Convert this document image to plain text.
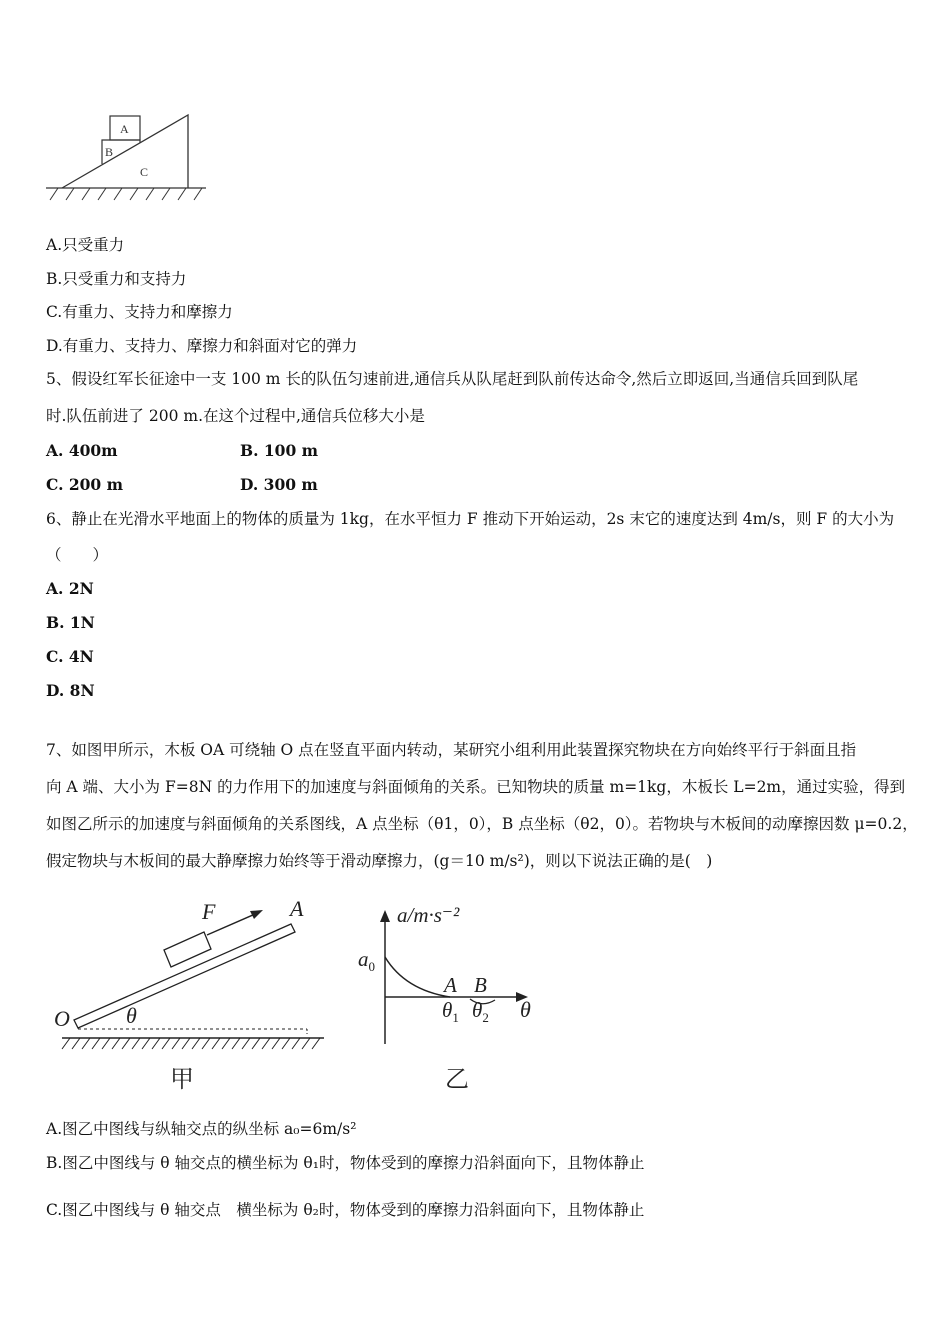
A
B
C
A.只受重力
B.只受重力和支持力
C.有重力、支持力和摩擦力
D.有重力、支持力、摩擦力和斜面对它的弹力
5、假设红军长征途中一支 100 m 长的队伍匀速前进,通信兵从队尾赶到队前传达命令,然后立即返回,当通信兵回到队尾
时.队伍前进了 200 m.在这个过程中,通信兵位移大小是
A. 400m	B. 100 m
C. 200 m	D. 300 m
6、静止在光滑水平地面上的物体的质量为 1kg，在水平恒力 F 推动下开始运动，2s 末它的速度达到 4m/s，则 F 的大小为
（　　）
A. 2N
B. 1N
C. 4N
D. 8N
7、如图甲所示，木板 OA 可绕轴 O 点在竖直平面内转动，某研究小组利用此装置探究物块在方向始终平行于斜面且指
向 A 端、大小为 F=8N 的力作用下的加速度与斜面倾角的关系。已知物块的质量 m=1kg，木板长 L=2m，通过实验，得到
如图乙所示的加速度与斜面倾角的关系图线，A 点坐标（θ1，0），B 点坐标（θ2，0）。若物块与木板间的动摩擦因数 μ=0.2，
假定物块与木板间的最大静摩擦力始终等于滑动摩擦力，(g＝10 m/s²)，则以下说法正确的是(　)
F	A
O	θ
甲
a/m·s⁻²
$a_0$
A B
$\theta_1$ $\theta_2$ θ
乙
A.图乙中图线与纵轴交点的纵坐标 a₀=6m/s²
B.图乙中图线与 θ 轴交点的横坐标为 θ₁时，物体受到的摩擦力沿斜面向下，且物体静止
C.图乙中图线与 θ 轴交点　横坐标为 θ₂时，物体受到的摩擦力沿斜面向下，且物体静止
